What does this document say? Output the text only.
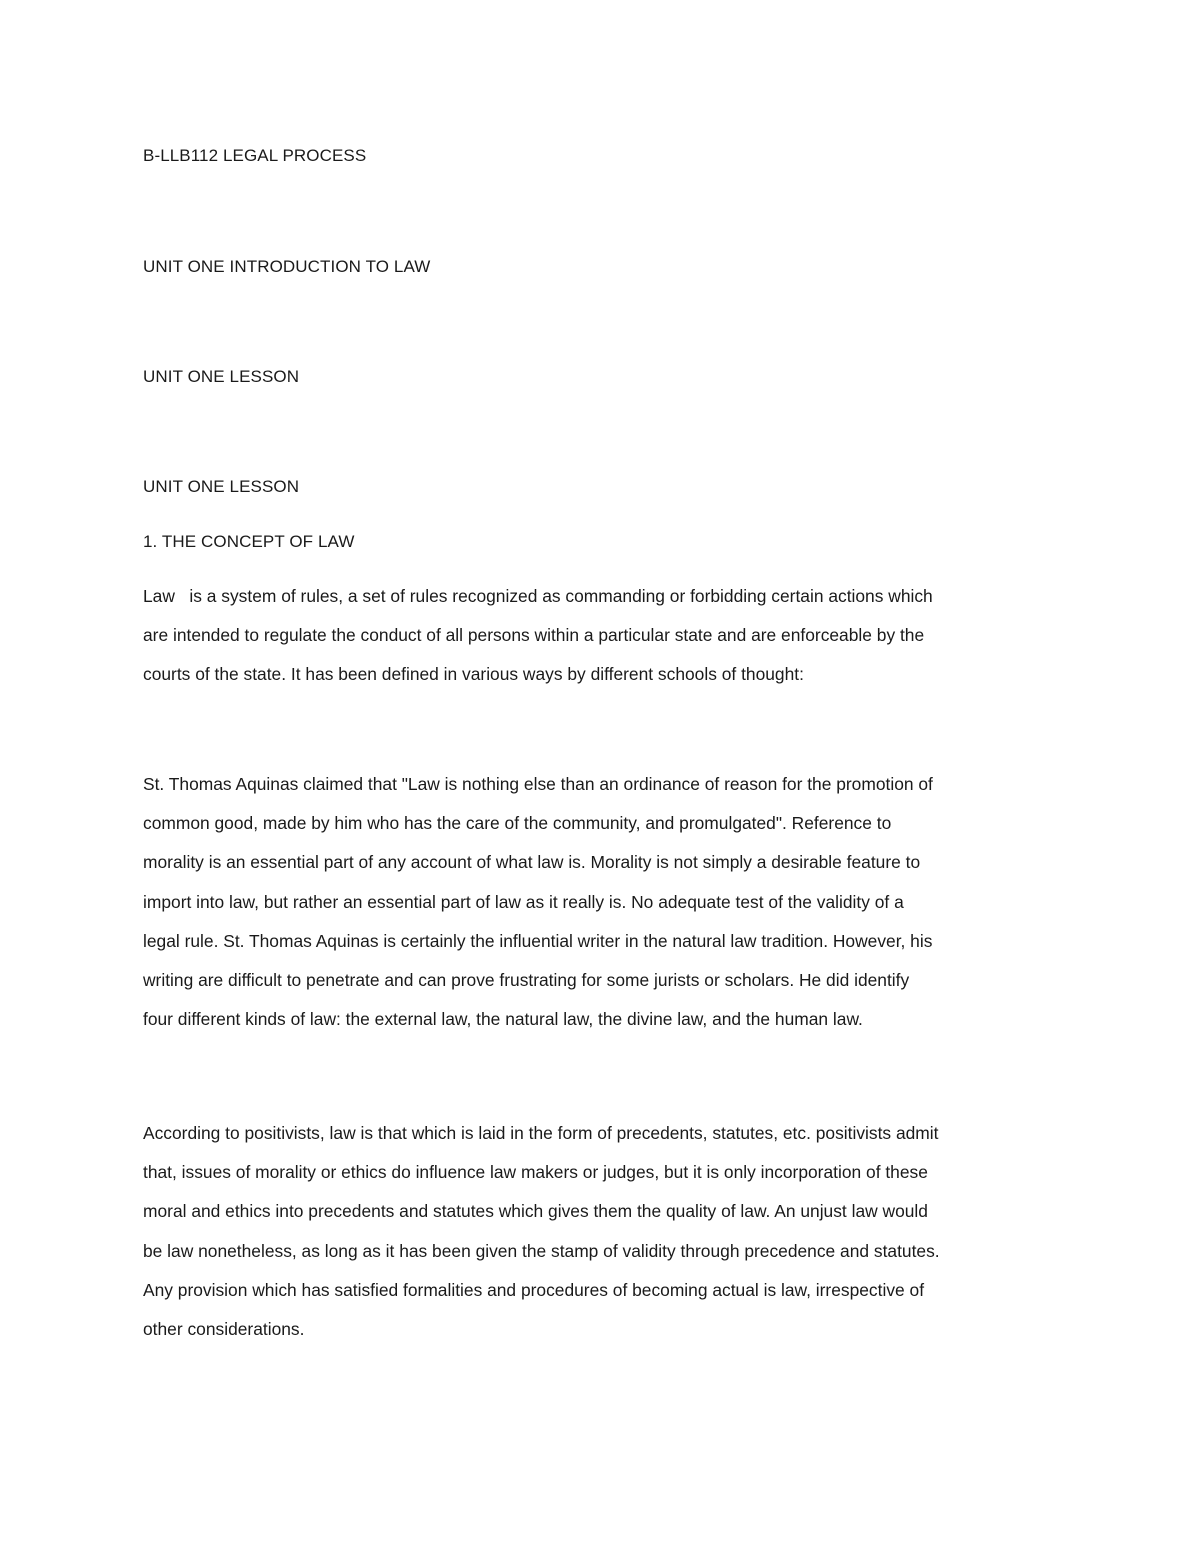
B-LLB112 LEGAL PROCESS
UNIT ONE INTRODUCTION TO LAW
UNIT ONE LESSON
UNIT ONE LESSON
1. THE CONCEPT OF LAW

Law   is a system of rules, a set of rules recognized as commanding or forbidding certain actions which
are intended to regulate the conduct of all persons within a particular state and are enforceable by the
courts of the state. It has been defined in various ways by different schools of thought:

St. Thomas Aquinas claimed that "Law is nothing else than an ordinance of reason for the promotion of
common good, made by him who has the care of the community, and promulgated". Reference to
morality is an essential part of any account of what law is. Morality is not simply a desirable feature to
import into law, but rather an essential part of law as it really is. No adequate test of the validity of a
legal rule. St. Thomas Aquinas is certainly the influential writer in the natural law tradition. However, his
writing are difficult to penetrate and can prove frustrating for some jurists or scholars. He did identify
four different kinds of law: the external law, the natural law, the divine law, and the human law.

According to positivists, law is that which is laid in the form of precedents, statutes, etc. positivists admit
that, issues of morality or ethics do influence law makers or judges, but it is only incorporation of these
moral and ethics into precedents and statutes which gives them the quality of law. An unjust law would
be law nonetheless, as long as it has been given the stamp of validity through precedence and statutes.
Any provision which has satisfied formalities and procedures of becoming actual is law, irrespective of
other considerations.
